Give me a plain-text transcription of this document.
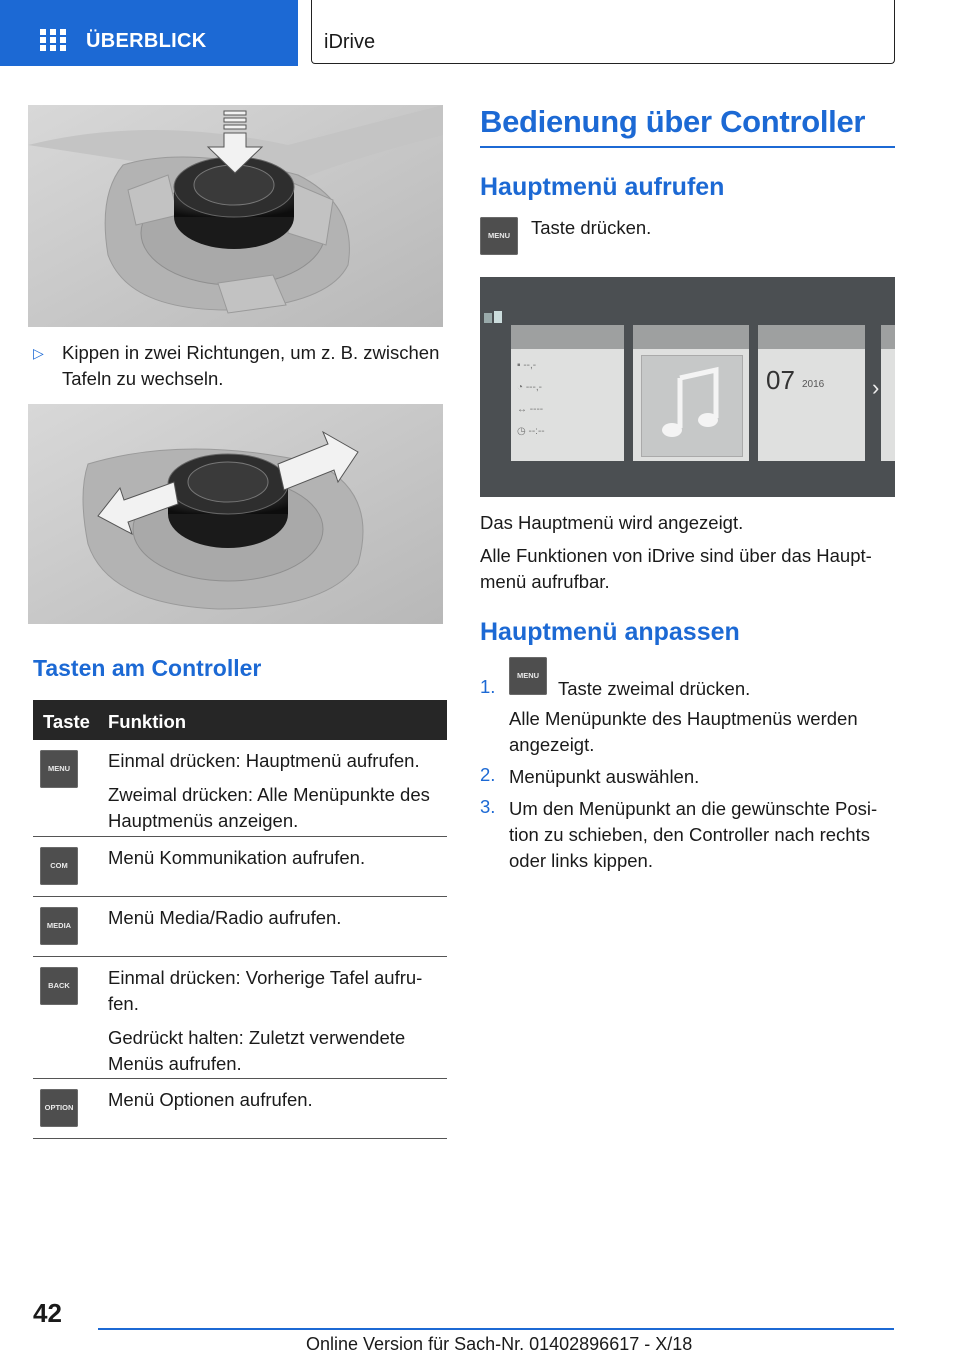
ÜBERBLICK	iDrive
▷ Kippen in zwei Richtungen, um z. B. zwischen Tafeln zu wechseln.
Tasten am Controller
Taste Funktion
MENU	Einmal drücken: Hauptmenü aufrufen.

Zweimal drücken: Alle Menüpunkte des Hauptmenüs anzeigen.

COM	Menü Kommunikation aufrufen.

MEDIA	Menü Media/Radio aufrufen.

BACK	Einmal drücken: Vorherige Tafel aufru‐fen.

Gedrückt halten: Zuletzt verwendete Menüs aufrufen.

OPTION Menü Optionen aufrufen.

Bedienung über Controller
Hauptmenü aufrufen
MENU	Taste drücken.
▪ --,-
◔ ---,-
↔ ----
◷ --:--
07 2016 ›
Das Hauptmenü wird angezeigt.
Alle Funktionen von iDrive sind über das Haupt‐menü aufrufbar.
Hauptmenü anpassen
1.
MENU
Taste zweimal drücken.
Alle Menüpunkte des Hauptmenüs werden angezeigt.
2. Menüpunkt auswählen.
3. Um den Menüpunkt an die gewünschte Posi‐tion zu schieben, den Controller nach rechts oder links kippen.
42
Online Version für Sach-Nr. 01402896617 - X/18
